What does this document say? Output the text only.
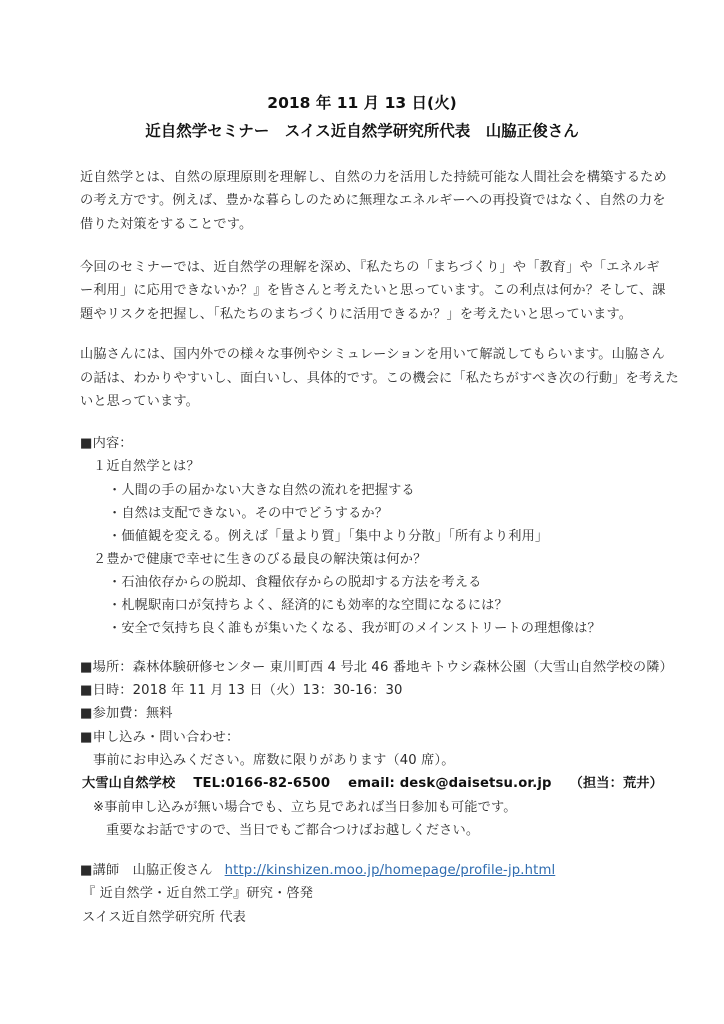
2018 年 11 月 13 日(火)
近自然学セミナー　スイス近自然学研究所代表　山脇正俊さん
近自然学とは、自然の原理原則を理解し、自然の力を活用した持続可能な人間社会を構築するため
の考え方です。例えば、豊かな暮らしのために無理なエネルギーへの再投資ではなく、自然の力を
借りた対策をすることです。
今回のセミナーでは、近自然学の理解を深め、『私たちの「まちづくり」や「教育」や「エネルギ
ー利用」に応用できないか？』を皆さんと考えたいと思っています。この利点は何か？そして、課
題やリスクを把握し、「私たちのまちづくりに活用できるか？」を考えたいと思っています。
山脇さんには、国内外での様々な事例やシミュレーションを用いて解説してもらいます。山脇さん
の話は、わかりやすいし、面白いし、具体的です。この機会に「私たちがすべき次の行動」を考えた
いと思っています。
■内容：
１近自然学とは？
・人間の手の届かない大きな自然の流れを把握する
・自然は支配できない。その中でどうするか？
・価値観を変える。例えば「量より質」「集中より分散」「所有より利用」
２豊かで健康で幸せに生きのびる最良の解決策は何か？
・石油依存からの脱却、食糧依存からの脱却する方法を考える
・札幌駅南口が気持ちよく、経済的にも効率的な空間になるには？
・安全で気持ち良く誰もが集いたくなる、我が町のメインストリートの理想像は？
■場所：森林体験研修センター 東川町西 4 号北 46 番地キトウシ森林公園（大雪山自然学校の隣）
■日時：2018 年 11 月 13 日（火）13：30-16：30
■参加費：無料
■申し込み・問い合わせ：
事前にお申込みください。席数に限りがあります（40 席）。
大雪山自然学校 TEL:0166-82-6500 email: desk@daisetsu.or.jp （担当：荒井）
※事前申し込みが無い場合でも、立ち見であれば当日参加も可能です。
重要なお話ですので、当日でもご都合つけばお越しください。
■講師　山脇正俊さん http://kinshizen.moo.jp/homepage/profile-jp.html
『 近自然学・近自然工学』研究・啓発
スイス近自然学研究所 代表
